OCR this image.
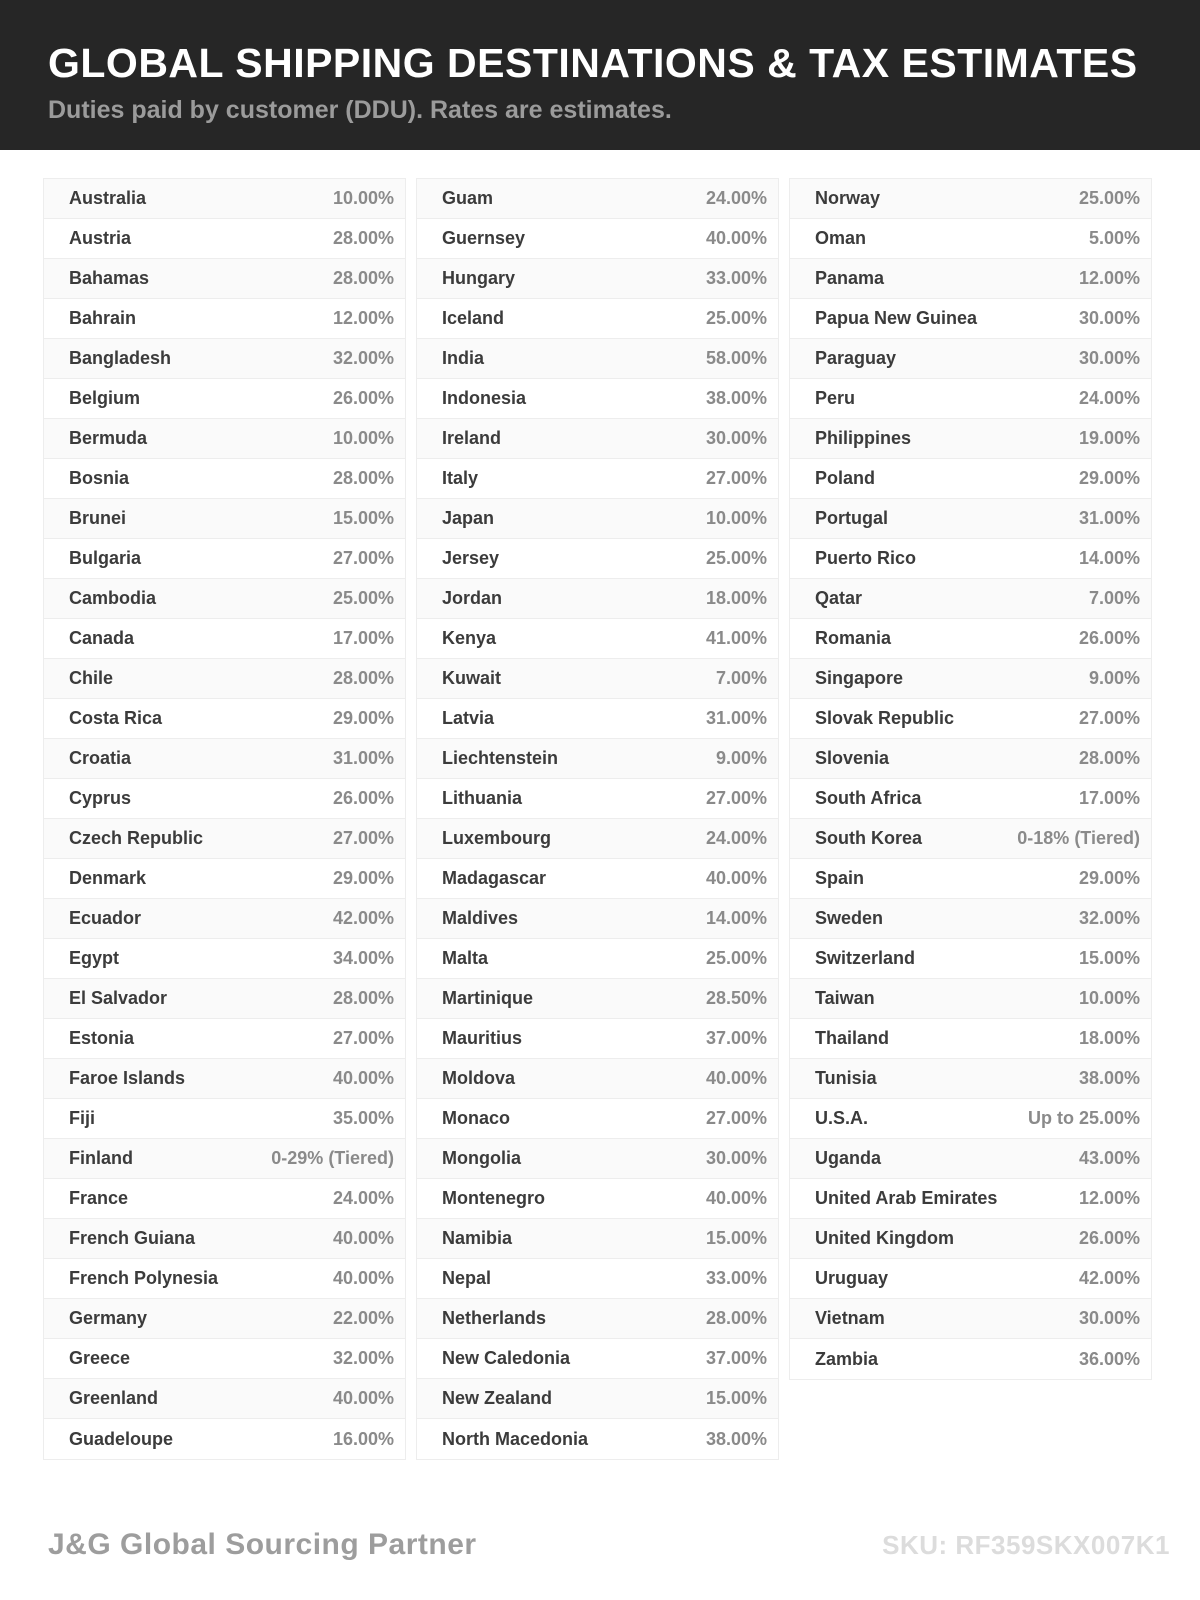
GLOBAL SHIPPING DESTINATIONS & TAX ESTIMATES
Duties paid by customer (DDU). Rates are estimates.
Australia	10.00%
Austria	28.00%
Bahamas	28.00%
Bahrain	12.00%
Bangladesh	32.00%
Belgium	26.00%
Bermuda	10.00%
Bosnia	28.00%
Brunei	15.00%
Bulgaria	27.00%
Cambodia	25.00%
Canada	17.00%
Chile	28.00%
Costa Rica	29.00%
Croatia	31.00%
Cyprus	26.00%
Czech Republic	27.00%
Denmark	29.00%
Ecuador	42.00%
Egypt	34.00%
El Salvador	28.00%
Estonia	27.00%
Faroe Islands	40.00%
Fiji	35.00%
Finland	0-29% (Tiered)
France	24.00%
French Guiana	40.00%
French Polynesia	40.00%
Germany	22.00%
Greece	32.00%
Greenland	40.00%
Guadeloupe	16.00%
Guam	24.00%
Guernsey	40.00%
Hungary	33.00%
Iceland	25.00%
India	58.00%
Indonesia	38.00%
Ireland	30.00%
Italy	27.00%
Japan	10.00%
Jersey	25.00%
Jordan	18.00%
Kenya	41.00%
Kuwait	7.00%
Latvia	31.00%
Liechtenstein	9.00%
Lithuania	27.00%
Luxembourg	24.00%
Madagascar	40.00%
Maldives	14.00%
Malta	25.00%
Martinique	28.50%
Mauritius	37.00%
Moldova	40.00%
Monaco	27.00%
Mongolia	30.00%
Montenegro	40.00%
Namibia	15.00%
Nepal	33.00%
Netherlands	28.00%
New Caledonia	37.00%
New Zealand	15.00%
North Macedonia	38.00%
Norway	25.00%
Oman	5.00%
Panama	12.00%
Papua New Guinea	30.00%
Paraguay	30.00%
Peru	24.00%
Philippines	19.00%
Poland	29.00%
Portugal	31.00%
Puerto Rico	14.00%
Qatar	7.00%
Romania	26.00%
Singapore	9.00%
Slovak Republic	27.00%
Slovenia	28.00%
South Africa	17.00%
South Korea	0-18% (Tiered)
Spain	29.00%
Sweden	32.00%
Switzerland	15.00%
Taiwan	10.00%
Thailand	18.00%
Tunisia	38.00%
U.S.A.	Up to 25.00%
Uganda	43.00%
United Arab Emirates	12.00%
United Kingdom	26.00%
Uruguay	42.00%
Vietnam	30.00%
Zambia	36.00%
J&G Global Sourcing Partner	SKU: RF359SKX007K1
